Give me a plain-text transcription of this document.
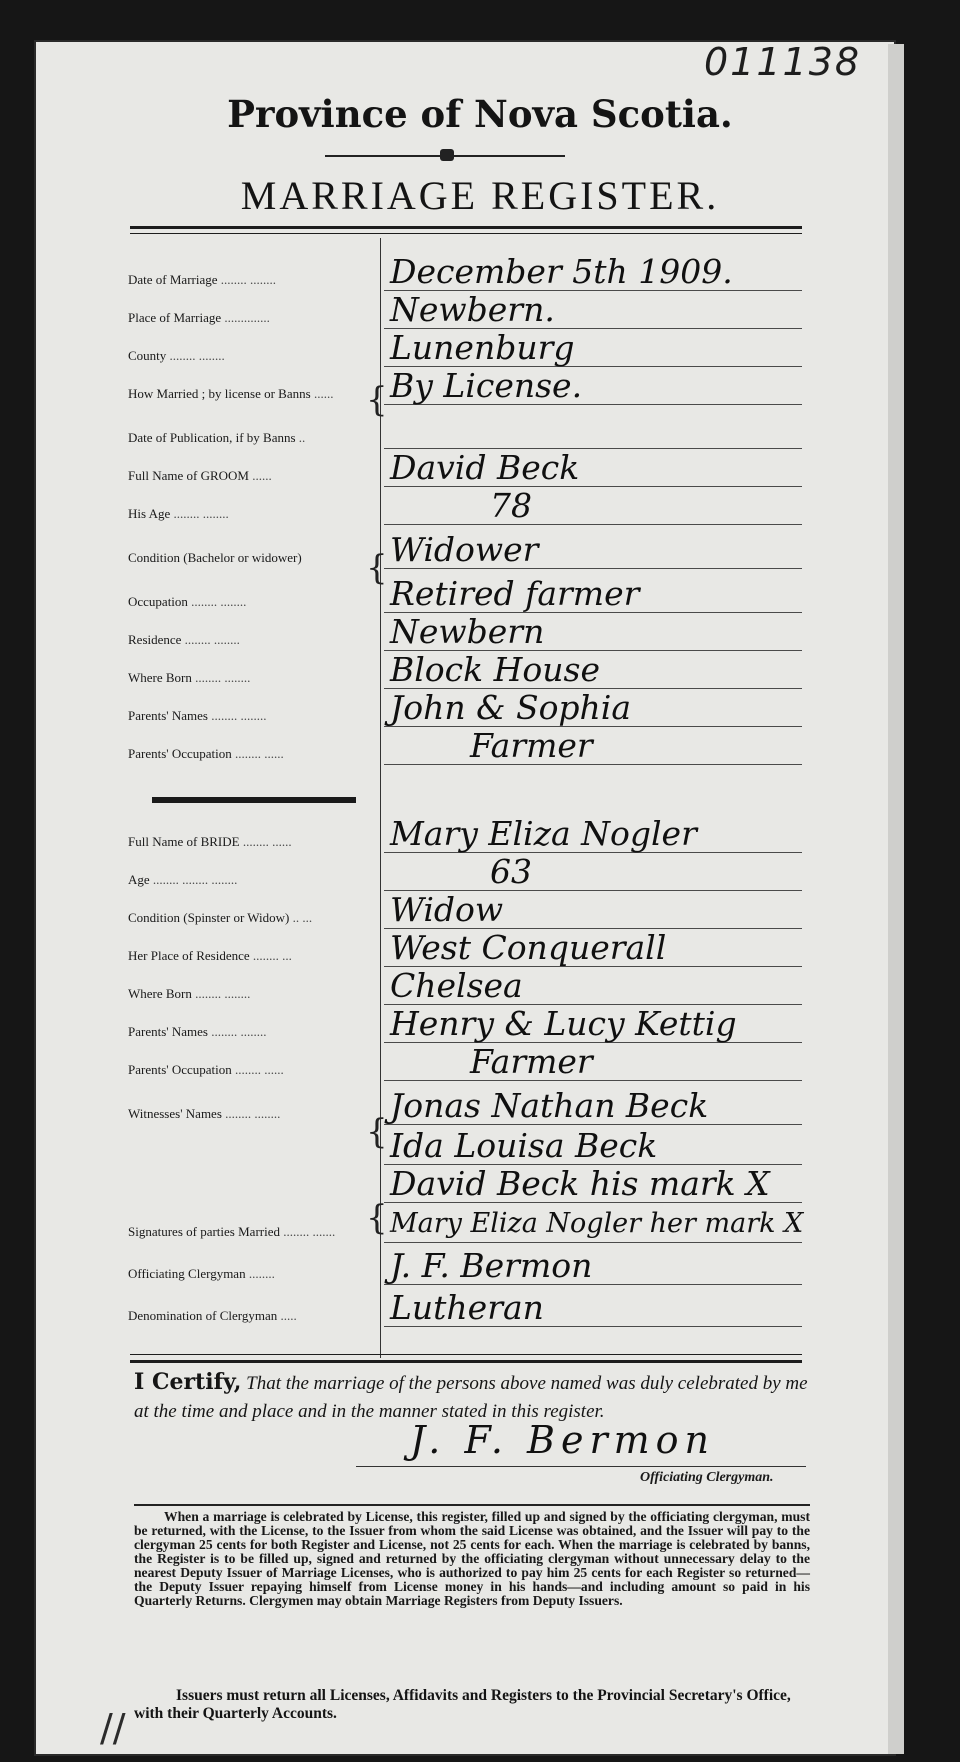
011138
Province of Nova Scotia.
MARRIAGE REGISTER.
Date of Marriage ........ ........	December 5th 1909.
Place of Marriage ..............	Newbern.
County ........ ........	Lunenburg
How Married ; by license or Banns ......	By License.
Date of Publication, if by Banns ..
Full Name of GROOM ......	David Beck
His Age ........ ........	78
Condition (Bachelor or widower)	Widower
Occupation ........ ........	Retired farmer
Residence ........ ........	Newbern
Where Born ........ ........	Block House
Parents' Names ........ ........	John & Sophia
Parents' Occupation ........ ......	Farmer
Full Name of BRIDE ........ ......	Mary Eliza Nogler
Age ........ ........ ........	63
Condition (Spinster or Widow) .. ...	Widow
Her Place of Residence ........ ...	West Conquerall
Where Born ........ ........	Chelsea
Parents' Names ........ ........	Henry & Lucy Kettig
Parents' Occupation ........ ......	Farmer
Witnesses' Names ........ ........	Jonas Nathan Beck
Ida Louisa Beck
David Beck his mark X
Signatures of parties Married ........ .......	Mary Eliza Nogler her mark X
Officiating Clergyman ........	J. F. Bermon
Denomination of Clergyman .....	Lutheran
{
{
{
{
I Certify, That the marriage of the persons above named was duly celebrated by me at the time and place and in the manner stated in this register.
J. F. Bermon
Officiating Clergyman.
When a marriage is celebrated by License, this register, filled up and signed by the officiating clergyman, must be returned, with the License, to the Issuer from whom the said License was obtained, and the Issuer will pay to the clergyman 25 cents for both Register and License, not 25 cents for each. When the marriage is celebrated by banns, the Register is to be filled up, signed and returned by the officiating clergyman without unnecessary delay to the nearest Deputy Issuer of Marriage Licenses, who is authorized to pay him 25 cents for each Register so returned—the Deputy Issuer repaying himself from License money in his hands—and including amount so paid in his Quarterly Returns. Clergymen may obtain Marriage Registers from Deputy Issuers.
Issuers must return all Licenses, Affidavits and Registers to the Provincial Secretary's Office, with their Quarterly Accounts.
//
